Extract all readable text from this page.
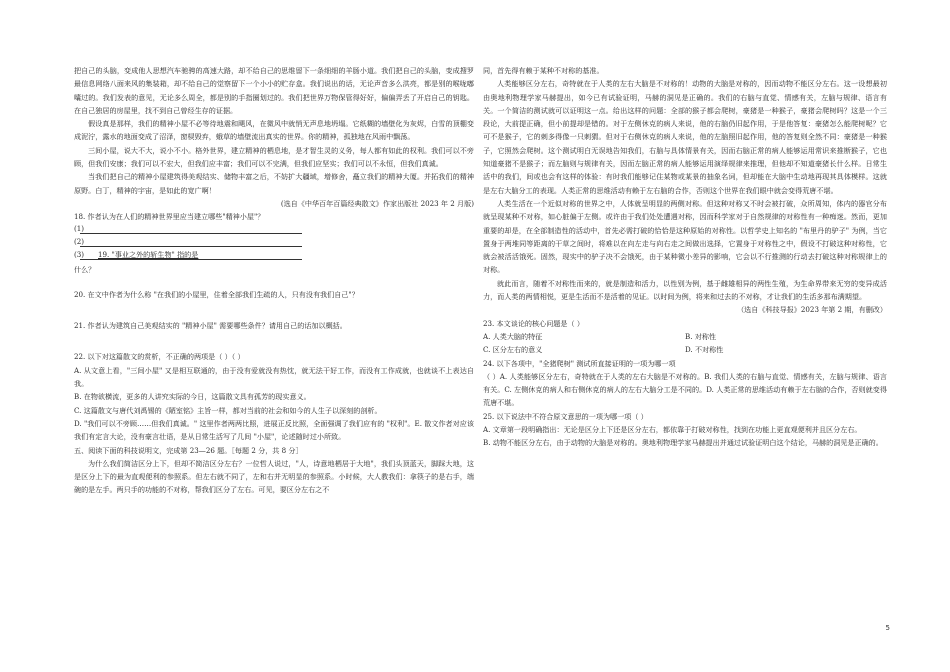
把自己的头脑，变成他人思想汽车驰骋的高速大路，却不给自己的思维留下一条细细的羊肠小道。我们把自己的头脑，变成搜罗最信息网络八面来风的集装箱，却不给自己的觉察留下一个小小的贮存盒。我们说出的话，无论声音多么洪亮，都是别的喉咙嘟囔过的。我们发表的意见，无论多么周全，都是别的手指圈划过的。我们把世界万物保管得好好，偏偏弄丢了开启自己的钥匙。在自己独居的房屋里，找不到自己曾经生存的证据。

假设真是那样，我们的精神小屋不必等待地震和飓风，在微风中就悄无声息地坍塌。它纸糊的墙壁化为灰烬，白雪的顶棚变成泥泞，露水的地面变成了沼泽，窗棂毁弃，蛾草的墙壁流出真实的世界。你的精神，孤独地在风雨中飘荡。

三间小屋，说大不大，说小不小。格外世界，建立精神的栖息地，是才智生灵的义务，每人都有如此的权利。我们可以不旁顾，但我们安康；我们可以不宏大，但我们应丰富；我们可以不完满，但我们应坚实；我们可以不永恒，但我们真诚。

当我们把自己的精神小屋建筑得美观结实、储物丰富之后，不妨扩大疆域，增修舍，矗立我们的精神大厦。并拓我们的精神原野。白丁，精神的宇宙，是如此的宽广啊！

(选自《中华百年百篇经典散文》作家出版社 2023 年 2 月版)

18. 作者认为在人们的精神世界里应当建立哪些"精神小屋"？

(1)
(2)
(3) 19. "事业之外的斩生物" 指的是

什么？

20. 在文中作者为什么称 "在我们的小屋里，住着全部我们生疏的人，只有没有我们自己"？

21. 作者认为建筑自己美观结实的 "精神小屋" 需要哪些条件？请用自己的话加以概括。

22. 以下对这篇散文的赏析，不正确的两项是（ ）（ ）

A. 从文意上看，"三间小屋" 又是相互联通的，由于没有爱就没有热忱，就无法干好工作，而没有工作成就，也就谈不上表达自我。

B. 在物欲横流，更多的人讲究实际的今日，这篇散文具有孤芳的现实意义。

C. 这篇散文与唐代刘禹锡的《陋室铭》主旨一样，都对当前的社会和如今的人生子以深刻的剖析。

D. "我们可以不旁顾……但我们真诚。" 这里作者两两比照，进展正反比照，全面强调了我们应有的 "权利"。E. 散文作者对应该我们有定言大论，没有豪言壮语，是从日常生活写了几间 "小屋"，论述随时过小所致。

五、阅读下面的科技说明文，完成第 23—26 题。［每题 2 分，共 8 分］

为什么我们简洁区分上下，但却不简洁区分左右？一位哲人说过，"人，诗意地栖居于大地"，我们头顶蓝天，脚踩大地，这是区分上下的最为直观便利的参照系。但左右就不同了，左和右并无明显的参照系。小时候，大人教我们：拿筷子的是右手，端碗的是左手。两只手的功能的不对称，帮我们区分了左右。可见，要区分左右之不

同，首先得有赖于某种不对称的基准。

人类能够区分左右，奇特就在于人类的左右大脑是不对称的！动物的大脑是对称的，因而动物不能区分左右。这一设想最初由奥地利物理学家马赫提出，如今已有试验证明，马赫的洞见是正确的。我们的右脑与直觉、情感有关，左脑与规律、语言有关。一个简洁的测试就可以证明这一点。给出这样的问题：全部的猴子都会爬树，豪猪是一种猴子，豪猪会爬树吗？这是一个三段论，大前提正确，但小前提却是错的。对于左侧休克的病人来说，他的右脑仍旧起作用，于是他答复：豪猪怎么能爬树呢？它可不是猴子，它的刺多得像一只刺猬。但对于右侧休克的病人来说，他的左脑照旧起作用，他的答复则全然不同：豪猪是一种猴子，它照然会爬树。这个测试明白无误地告知我们，右脑与具体情景有关，因而右脑正常的病人能够运用常识来推断猴子，它也知道豪猪不是猴子；而左脑则与规律有关，因而左脑正常的病人能够运用演绎规律来推理，但他却不知道豪猪长什么样。日常生活中的我们，间或也会有这样的体验：有时我们能够记住某物或某景的抽象名词，但却能在大脑中生动地再现其具体模样。这就是左右大脑分工的表现。人类正常的思维活动有赖于左右脑的合作，否则这个世界在我们眼中就会变得荒唐不堪。

人类生活在一个近似对称的世界之中，人体就呈明显的两侧对称。但这种对称又不时会被打破，众所周知，体内的器官分布就呈现某种不对称，如心脏偏于左侧。或许由于我们处处遭遇对称，因而科学家对于自然规律的对称性有一种痴迷。然而，更加重要的却是，在全部制造性的活动中，首先必需打破的恰恰是这种原始的对称性。以哲学史上知名的 "布里丹的驴子" 为例，当它置身于两堆同等距离的干草之间时，将难以在向左走与向右走之间做出选择，它置身于对称性之中，假设不打破这种对称性，它就会被活活饿死。固然，现实中的驴子决不会饿死，由于某种微小差异的影响，它会以不行推测的行动去打破这种对称规律上的对称。

就此而言，随着不对称性而来的，就是制造和活力，以性别为例，基于雌雄相异的两性生殖，为生命界带来无穷的变异成活力，而人类的两情相悦，更是生活而不是活着的见证。以时间为例，将来和过去的不对称，才让我们的生活多那布满期望。

（选自《科技导报》2023 年第 2 期，有删改）

23. 本文谈论的核心问题是（ ）

A. 人类大脑的特征	B. 对称性
C. 区分左右的意义	D. 不对称性

24. 以下各项中，"全猪爬树" 测试所直接证明的一项为哪一项

（ ）A. 人类能够区分左右，奇特就在于人类的左右大脑是不对称的。B. 我们人类的右脑与直觉、情感有关，左脑与规律、语言有关。C. 左侧休克的病人和右侧休克的病人的左右大脑分工是不同的。D. 人类正常的思维活动有赖于左右脑的合作，否则就变得荒唐不堪。

25. 以下说法中不符合原文意思的一项为哪一项（ ）

A. 文章第一段明确指出：无论是区分上下还是区分左右，都依靠于打破对称性，找到在功能上更直观便利并且区分左右。

B. 动物不能区分左右，由于动物的大脑是对称的。奥地利物理学家马赫提出并通过试验证明白这个结论，马赫的洞见是正确的。

5
